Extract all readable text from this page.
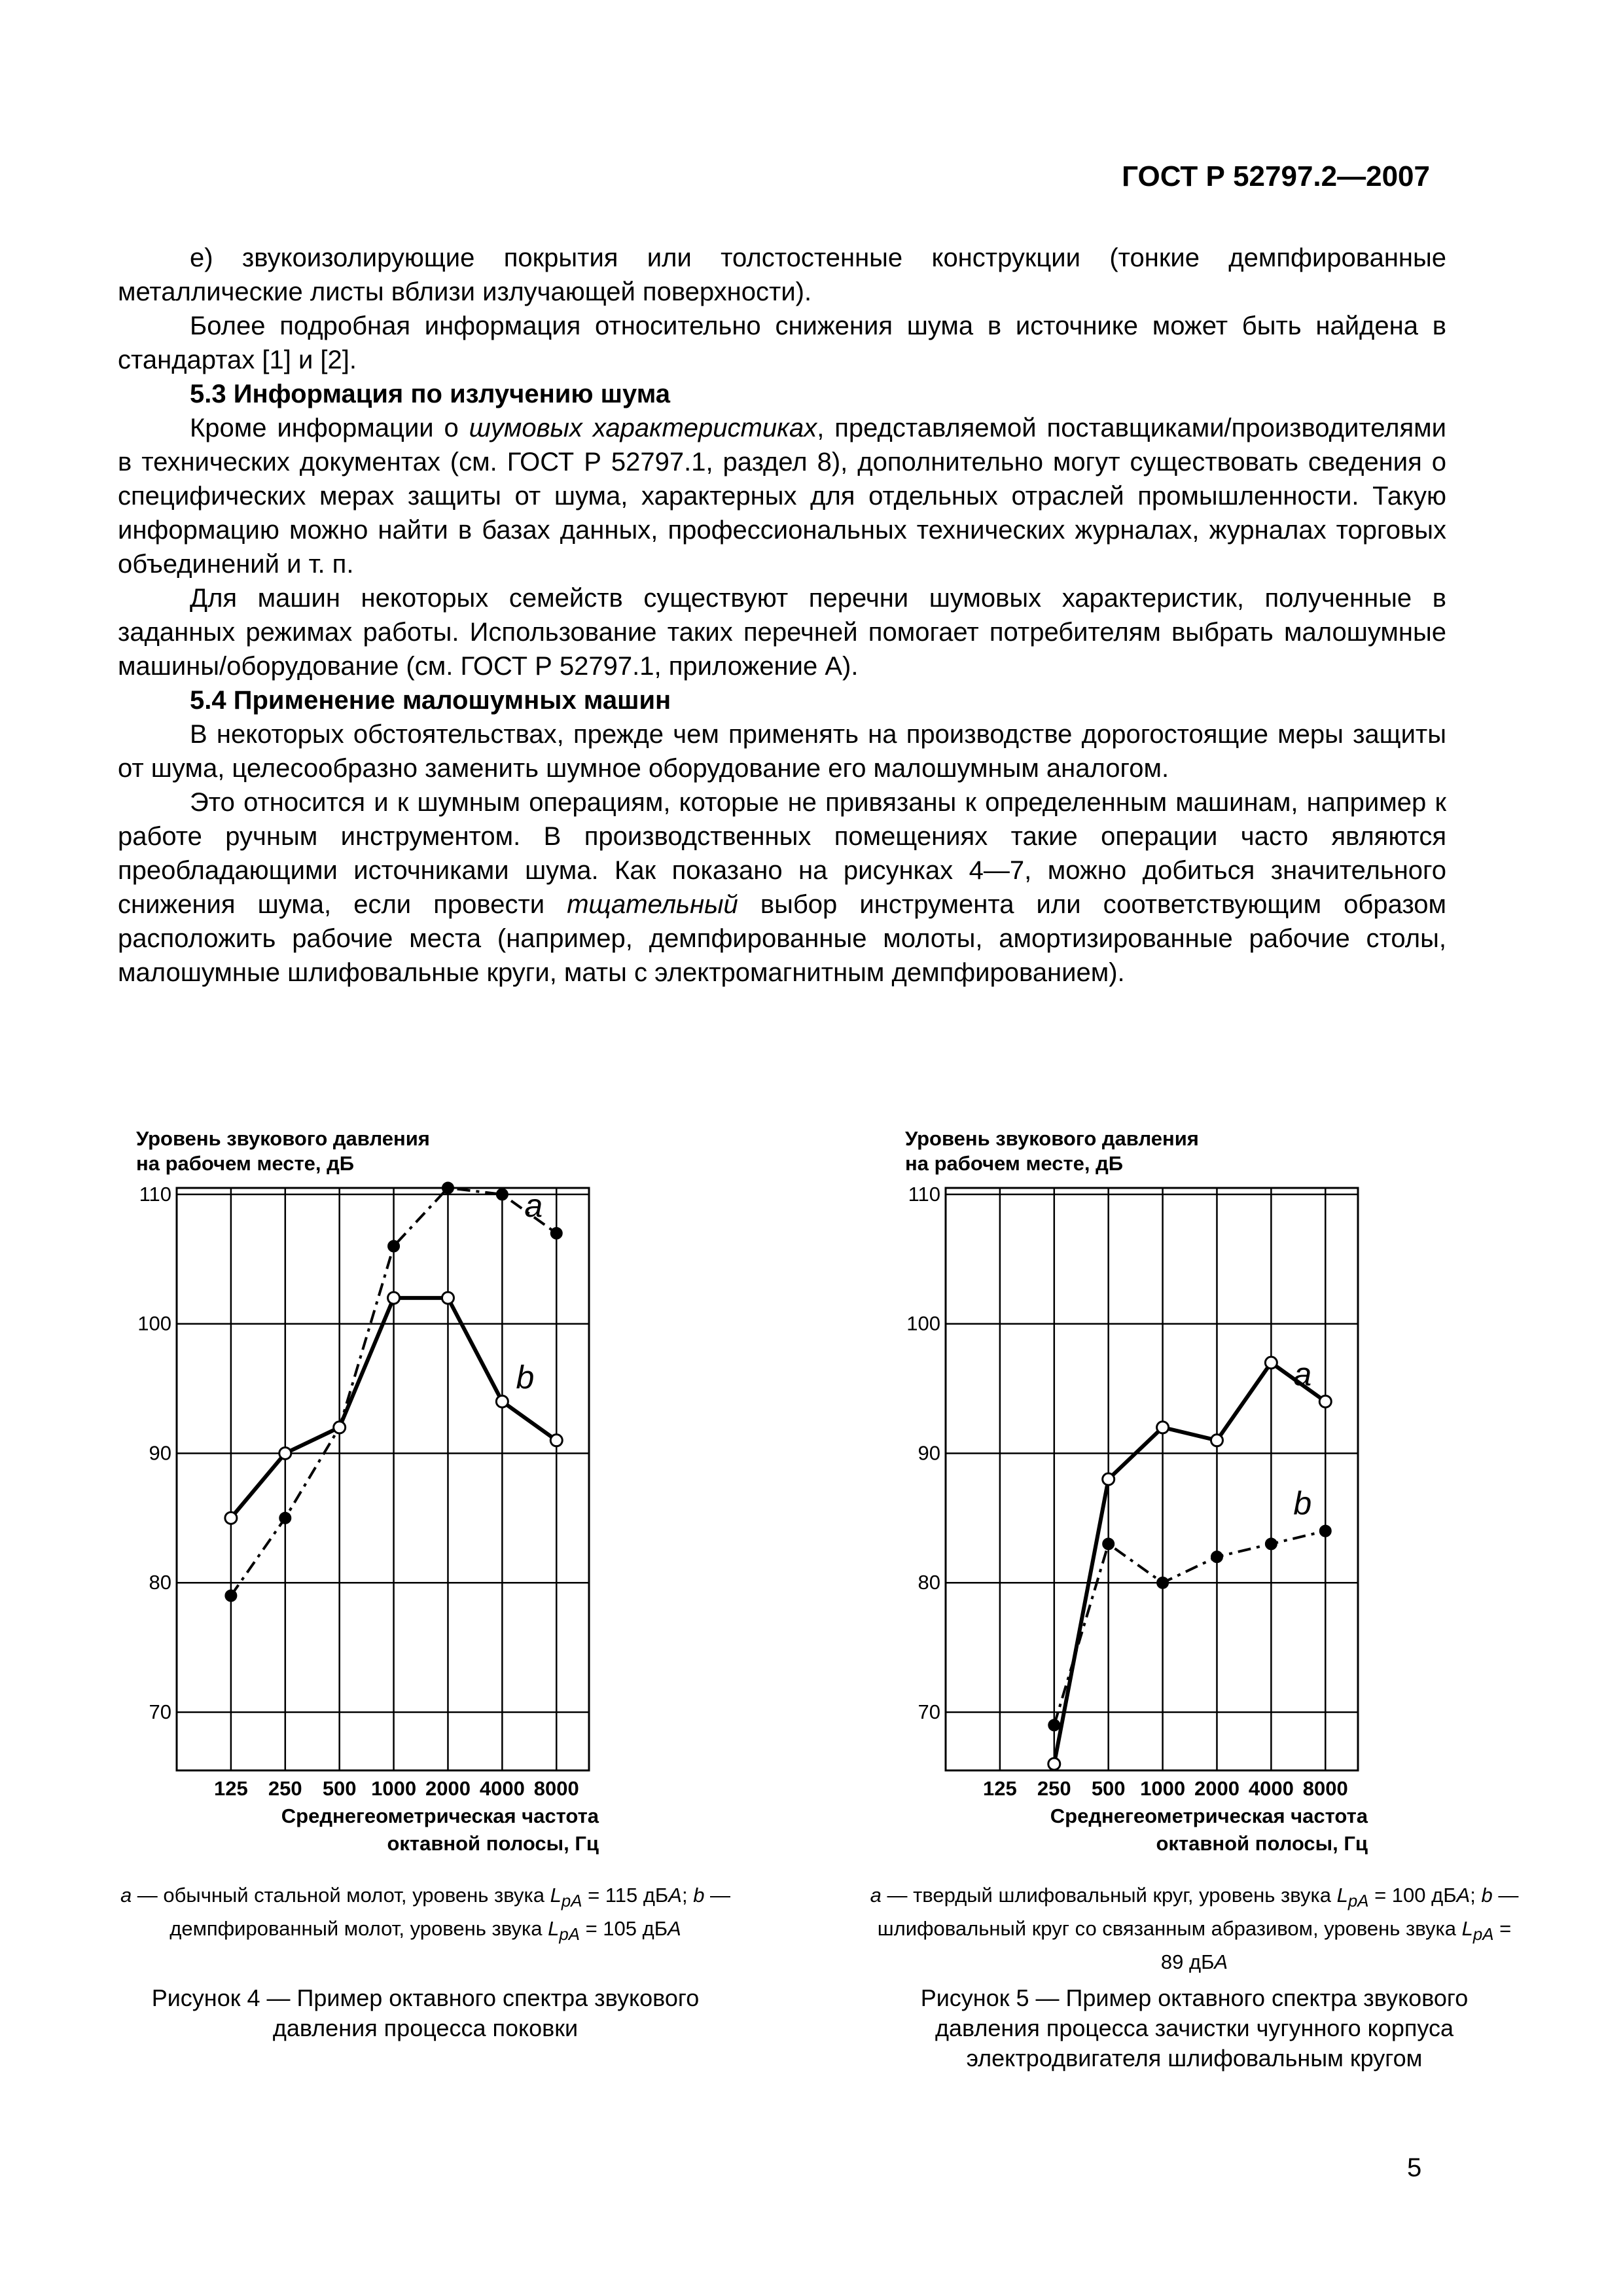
ГОСТ Р 52797.2—2007

e) звукоизолирующие покрытия или толстостенные конструкции (тонкие демпфированные металлические листы вблизи излучающей поверхности).

Более подробная информация относительно снижения шума в источнике может быть найдена в стандартах [1] и [2].

5.3 Информация по излучению шума

Кроме информации о шумовых характеристиках, представляемой поставщиками/производителями в технических документах (см. ГОСТ Р 52797.1, раздел 8), дополнительно могут существовать сведения о специфических мерах защиты от шума, характерных для отдельных отраслей промышленности. Такую информацию можно найти в базах данных, профессиональных технических журналах, журналах торговых объединений и т. п.

Для машин некоторых семейств существуют перечни шумовых характеристик, полученные в заданных режимах работы. Использование таких перечней помогает потребителям выбрать малошумные машины/оборудование (см. ГОСТ Р 52797.1, приложение А).

5.4 Применение малошумных машин

В некоторых обстоятельствах, прежде чем применять на производстве дорогостоящие меры защиты от шума, целесообразно заменить шумное оборудование его малошумным аналогом.

Это относится и к шумным операциям, которые не привязаны к определенным машинам, например к работе ручным инструментом. В производственных помещениях такие операции часто являются преобладающими источниками шума. Как показано на рисунках 4—7, можно добиться значительного снижения шума, если провести тщательный выбор инструмента или соответствующим образом расположить рабочие места (например, демпфированные молоты, амортизированные рабочие столы, малошумные шлифовальные круги, маты с электромагнитным демпфированием).

Уровень звукового давления на рабочем месте, дБ
125 250 500 1000 2000 4000 8000
70
80
90
100
110
Среднегеометрическая частота октавной полосы, Гц
a
b
a — обычный стальной молот, уровень звука $L_{pA} = 115$ дБA; b — демпфированный молот, уровень звука $L_{pA} = 105$ дБA
Рисунок 4 — Пример октавного спектра звукового давления процесса поковки
Уровень звукового давления на рабочем месте, дБ
125 250 500 1000 2000 4000 8000
70
80
90
100
110
Среднегеометрическая частота октавной полосы, Гц
a
b
a — твердый шлифовальный круг, уровень звука $L_{pA} = 100$ дБA; b — шлифовальный круг со связанным абразивом, уровень звука $L_{pA} = 89$ дБA
Рисунок 5 — Пример октавного спектра звукового давления процесса зачистки чугунного корпуса электродвигателя шлифовальным кругом
5
